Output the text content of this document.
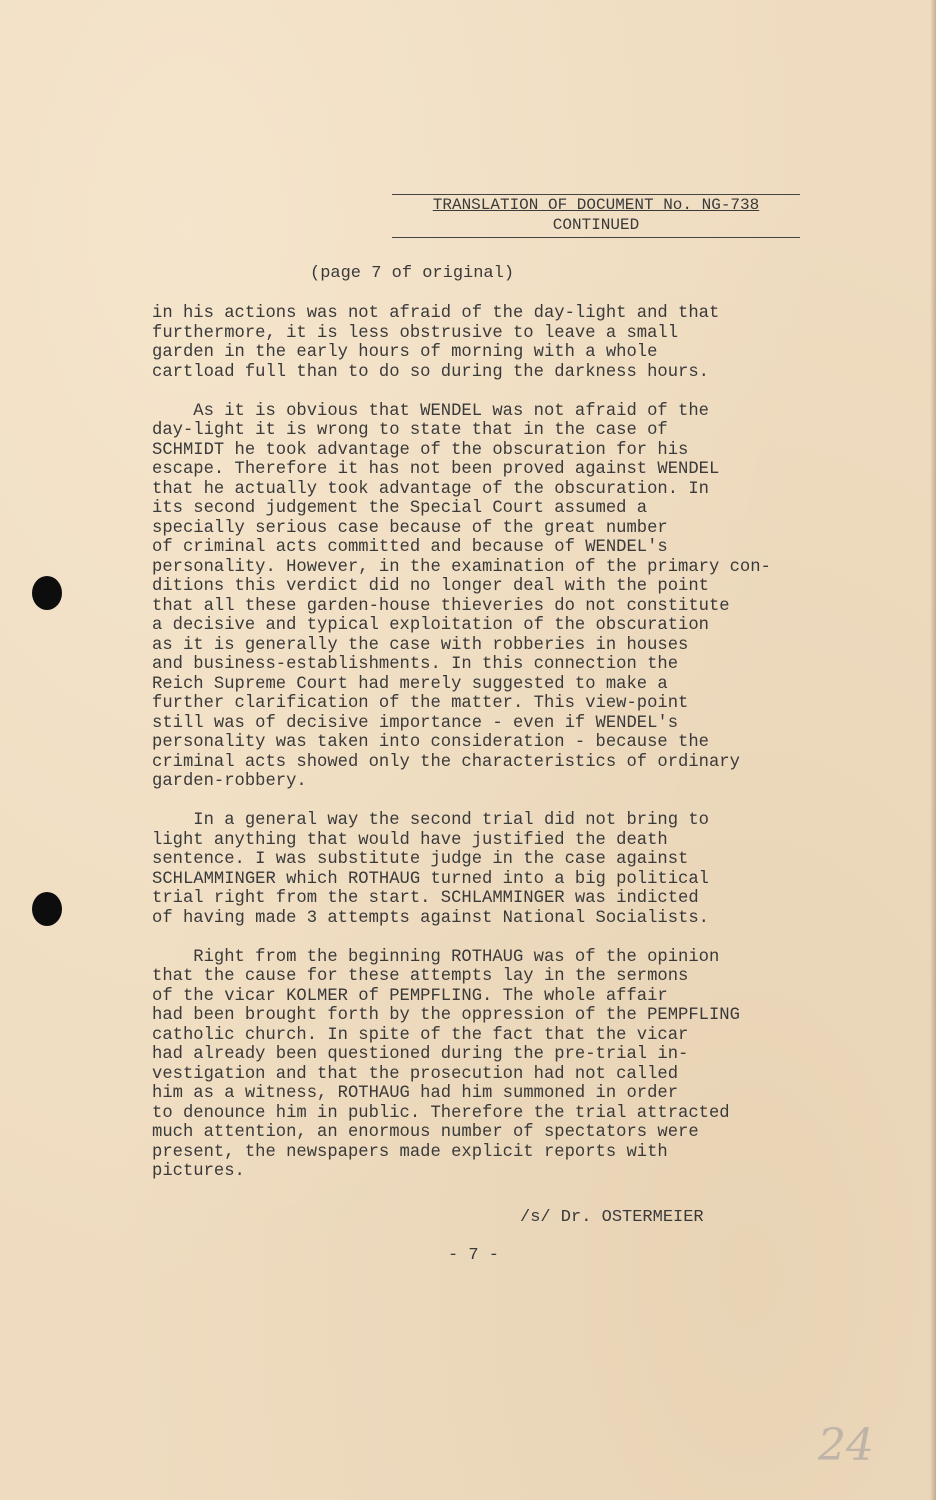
TRANSLATION OF DOCUMENT No. NG-738
CONTINUED
(page 7 of original)
in his actions was not afraid of the day-light and that
furthermore, it is less obstrusive to leave a small
garden in the early hours of morning with a whole
cartload full than to do so during the darkness hours.
As it is obvious that WENDEL was not afraid of the
day-light it is wrong to state that in the case of
SCHMIDT he took advantage of the obscuration for his
escape. Therefore it has not been proved against WENDEL
that he actually took advantage of the obscuration. In
its second judgement the Special Court assumed a
specially serious case because of the great number
of criminal acts committed and because of WENDEL's
personality. However, in the examination of the primary con-
ditions this verdict did no longer deal with the point
that all these garden-house thieveries do not constitute
a decisive and typical exploitation of the obscuration
as it is generally the case with robberies in houses
and business-establishments. In this connection the
Reich Supreme Court had merely suggested to make a
further clarification of the matter. This view-point
still was of decisive importance - even if WENDEL's
personality was taken into consideration - because the
criminal acts showed only the characteristics of ordinary
garden-robbery.
In a general way the second trial did not bring to
light anything that would have justified the death
sentence. I was substitute judge in the case against
SCHLAMMINGER which ROTHAUG turned into a big political
trial right from the start. SCHLAMMINGER was indicted
of having made 3 attempts against National Socialists.
Right from the beginning ROTHAUG was of the opinion
that the cause for these attempts lay in the sermons
of the vicar KOLMER of PEMPFLING. The whole affair
had been brought forth by the oppression of the PEMPFLING
catholic church. In spite of the fact that the vicar
had already been questioned during the pre-trial in-
vestigation and that the prosecution had not called
him as a witness, ROTHAUG had him summoned in order
to denounce him in public. Therefore the trial attracted
much attention, an enormous number of spectators were
present, the newspapers made explicit reports with
pictures.
/s/ Dr. OSTERMEIER
- 7 -
24
